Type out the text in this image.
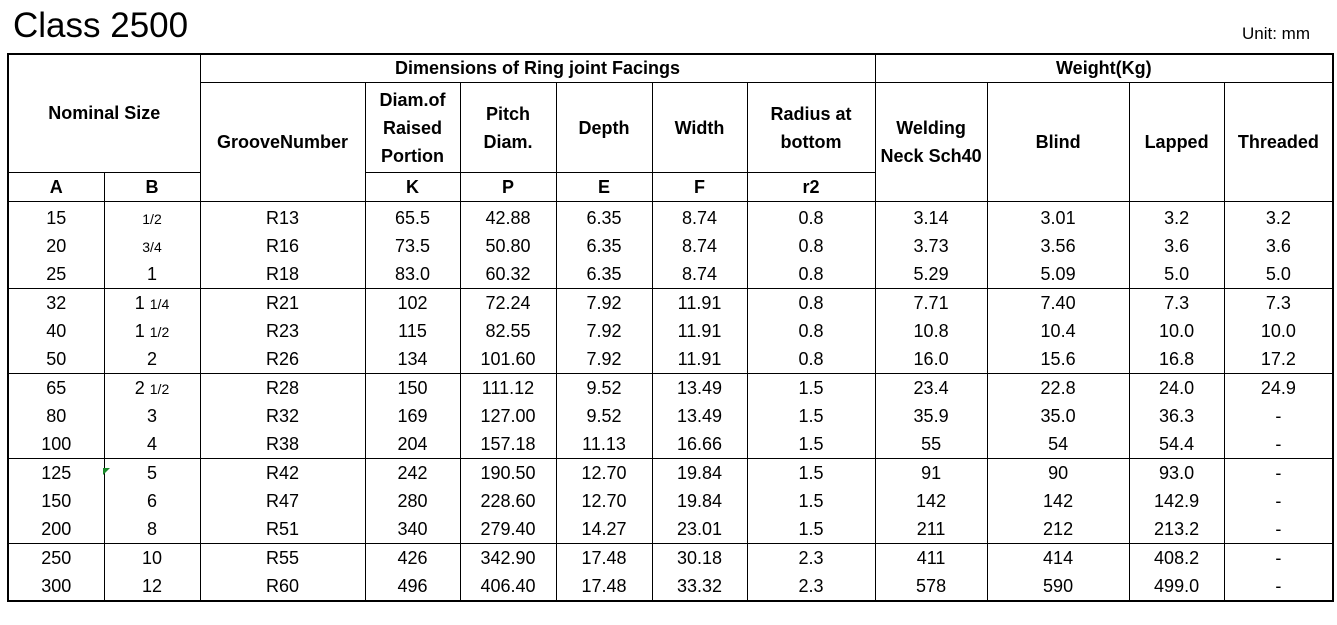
Class 2500	Unit: mm
Nominal Size		Dimensions of Ring joint Facings						Weight(Kg)			
		GrooveNumber	Diam.of Raised Portion	Pitch Diam.	Depth	Width	Radius at bottom	Welding Neck Sch40	Blind	Lapped	Threaded
A	B		K	P	E	F	r2				
15	1/2	R13	65.5	42.88	6.35	8.74	0.8	3.14	3.01	3.2	3.2
20	3/4	R16	73.5	50.80	6.35	8.74	0.8	3.73	3.56	3.6	3.6
25	1	R18	83.0	60.32	6.35	8.74	0.8	5.29	5.09	5.0	5.0
32	1 1/4	R21	102	72.24	7.92	11.91	0.8	7.71	7.40	7.3	7.3
40	1 1/2	R23	115	82.55	7.92	11.91	0.8	10.8	10.4	10.0	10.0
50	2	R26	134	101.60	7.92	11.91	0.8	16.0	15.6	16.8	17.2
65	2 1/2	R28	150	111.12	9.52	13.49	1.5	23.4	22.8	24.0	24.9
80	3	R32	169	127.00	9.52	13.49	1.5	35.9	35.0	36.3	-
100	4	R38	204	157.18	11.13	16.66	1.5	55	54	54.4	-
125	5	R42	242	190.50	12.70	19.84	1.5	91	90	93.0	-
150	6	R47	280	228.60	12.70	19.84	1.5	142	142	142.9	-
200	8	R51	340	279.40	14.27	23.01	1.5	211	212	213.2	-
250	10	R55	426	342.90	17.48	30.18	2.3	411	414	408.2	-
300	12	R60	496	406.40	17.48	33.32	2.3	578	590	499.0	-
